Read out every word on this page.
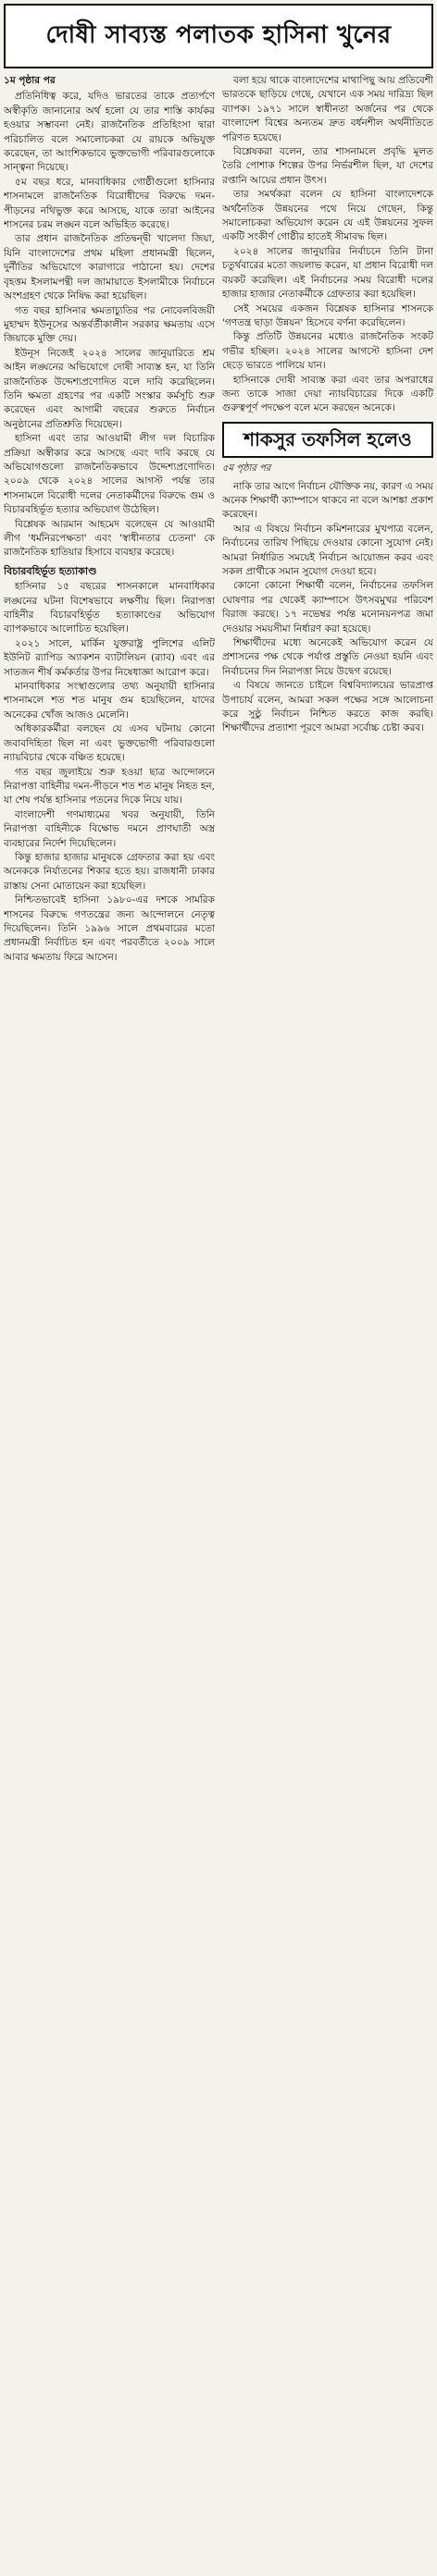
দোষী সাব্যস্ত পলাতক হাসিনা খুনের
১ম পৃষ্ঠার পর

প্রতিনিধিত্ব করে, যদিও ভারতের তাকে প্রত্যর্পণে অস্বীকৃতি জানানোর অর্থ হলো যে তার শাস্তি কার্যকর হওয়ার সম্ভাবনা নেই। রাজনৈতিক প্রতিহিংসা দ্বারা পরিচালিত বলে সমালোচকরা যে রায়কে অভিযুক্ত করেছেন, তা আংশিকভাবে ভুক্তভোগী পরিবারগুলোকে সান্ত্বনা দিয়েছে।

৫ম বছর ধরে, মানবাধিকার গোষ্ঠীগুলো হাসিনার শাসনামলে রাজনৈতিক বিরোধীদের বিরুদ্ধে দমন-পীড়নের নথিভুক্ত করে আসছে, যাকে তারা আইনের শাসনের চরম লঙ্ঘন বলে অভিহিত করেছে।

তার প্রধান রাজনৈতিক প্রতিদ্বন্দ্বী খালেদা জিয়া, যিনি বাংলাদেশের প্রথম মহিলা প্রধানমন্ত্রী ছিলেন, দুর্নীতির অভিযোগে কারাগারে পাঠানো হয়। দেশের বৃহত্তম ইসলামপন্থী দল জামায়াতে ইসলামীকে নির্বাচনে অংশগ্রহণ থেকে নিষিদ্ধ করা হয়েছিল।

গত বছর হাসিনার ক্ষমতাচ্যুতির পর নোবেলবিজয়ী মুহাম্মদ ইউনূসের অন্তর্বর্তীকালীন সরকার ক্ষমতায় এসে জিয়াকে মুক্তি দেয়।

ইউনূস নিজেই ২০২৪ সালের জানুয়ারিতে শ্রম আইন লঙ্ঘনের অভিযোগে দোষী সাব্যস্ত হন, যা তিনি রাজনৈতিক উদ্দেশ্যপ্রণোদিত বলে দাবি করেছিলেন। তিনি ক্ষমতা গ্রহণের পর একটি সংস্কার কর্মসূচি শুরু করেছেন এবং আগামী বছরের শুরুতে নির্বাচন অনুষ্ঠানের প্রতিশ্রুতি দিয়েছেন।

হাসিনা এবং তার আওয়ামী লীগ দল বিচারিক প্রক্রিয়া অস্বীকার করে আসছে এবং দাবি করছে যে অভিযোগগুলো রাজনৈতিকভাবে উদ্দেশ্যপ্রণোদিত। ২০০৯ থেকে ২০২৪ সালের আগস্ট পর্যন্ত তার শাসনামলে বিরোধী দলের নেতাকর্মীদের বিরুদ্ধে গুম ও বিচারবহির্ভূত হত্যার অভিযোগ উঠেছিল।

বিশ্লেষক আরমান আহমেদ বলেছেন যে আওয়ামী লীগ 'ধর্মনিরপেক্ষতা' এবং 'স্বাধীনতার চেতনা' কে রাজনৈতিক হাতিয়ার হিসাবে ব্যবহার করেছে।

বিচারবহির্ভূত হত্যাকাণ্ড

হাসিনার ১৫ বছরের শাসনকালে মানবাধিকার লঙ্ঘনের ঘটনা বিশেষভাবে লক্ষণীয় ছিল। নিরাপত্তা বাহিনীর বিচারবহির্ভূত হত্যাকাণ্ডের অভিযোগ ব্যাপকভাবে আলোচিত হয়েছিল।

২০২১ সালে, মার্কিন যুক্তরাষ্ট্র পুলিশের এলিট ইউনিট র‌্যাপিড অ্যাকশন ব্যাটালিয়ন (র‌্যাব) এবং এর সাতজন শীর্ষ কর্মকর্তার উপর নিষেধাজ্ঞা আরোপ করে।

মানবাধিকার সংস্থাগুলোর তথ্য অনুযায়ী হাসিনার শাসনামলে শত শত মানুষ গুম হয়েছিলেন, যাদের অনেকের খোঁজ আজও মেলেনি।

অধিকারকর্মীরা বলছেন যে এসব ঘটনায় কোনো জবাবদিহিতা ছিল না এবং ভুক্তভোগী পরিবারগুলো ন্যায়বিচার থেকে বঞ্চিত হয়েছে।

গত বছর জুলাইয়ে শুরু হওয়া ছাত্র আন্দোলনে নিরাপত্তা বাহিনীর দমন-পীড়নে শত শত মানুষ নিহত হন, যা শেষ পর্যন্ত হাসিনার পতনের দিকে নিয়ে যায়।

বাংলাদেশী গণমাধ্যমের খবর অনুযায়ী, তিনি নিরাপত্তা বাহিনীকে বিক্ষোভ দমনে প্রাণঘাতী অস্ত্র ব্যবহারের নির্দেশ দিয়েছিলেন।

কিন্তু হাজার হাজার মানুষকে গ্রেফতার করা হয় এবং অনেককে নির্যাতনের শিকার হতে হয়। রাজধানী ঢাকার রাস্তায় সেনা মোতায়েন করা হয়েছিল।

নিশ্চিতভাবেই হাসিনা ১৯৮০-এর দশকে সামরিক শাসনের বিরুদ্ধে গণতন্ত্রের জন্য আন্দোলনে নেতৃত্ব দিয়েছিলেন। তিনি ১৯৯৬ সালে প্রথমবারের মতো প্রধানমন্ত্রী নির্বাচিত হন এবং পরবর্তীতে ২০০৯ সালে আবার ক্ষমতায় ফিরে আসেন।

বলা হয়ে থাকে বাংলাদেশের মাথাপিছু আয় প্রতিবেশী ভারতকে ছাড়িয়ে গেছে, যেখানে এক সময় দারিদ্র্য ছিল ব্যাপক। ১৯৭১ সালে স্বাধীনতা অর্জনের পর থেকে বাংলাদেশ বিশ্বের অন্যতম দ্রুত বর্ধনশীল অর্থনীতিতে পরিণত হয়েছে।

বিশ্লেষকরা বলেন, তার শাসনামলে প্রবৃদ্ধি মূলত তৈরি পোশাক শিল্পের উপর নির্ভরশীল ছিল, যা দেশের রপ্তানি আয়ের প্রধান উৎস।

তার সমর্থকরা বলেন যে হাসিনা বাংলাদেশকে অর্থনৈতিক উন্নয়নের পথে নিয়ে গেছেন, কিন্তু সমালোচকরা অভিযোগ করেন যে এই উন্নয়নের সুফল একটি সংকীর্ণ গোষ্ঠীর হাতেই সীমাবদ্ধ ছিল।

২০২৪ সালের জানুয়ারির নির্বাচনে তিনি টানা চতুর্থবারের মতো জয়লাভ করেন, যা প্রধান বিরোধী দল বয়কট করেছিল। এই নির্বাচনের সময় বিরোধী দলের হাজার হাজার নেতাকর্মীকে গ্রেফতার করা হয়েছিল।

সেই সময়ের একজন বিশ্লেষক হাসিনার শাসনকে 'গণতন্ত্র ছাড়া উন্নয়ন' হিসেবে বর্ণনা করেছিলেন।

কিন্তু প্রতিটি উন্নয়নের মধ্যেও রাজনৈতিক সংকট গভীর হচ্ছিল। ২০২৪ সালের আগস্টে হাসিনা দেশ ছেড়ে ভারতে পালিয়ে যান।

হাসিনাকে দোষী সাব্যস্ত করা এবং তার অপরাধের জন্য তাকে সাজা দেয়া ন্যায়বিচারের দিকে একটি গুরুত্বপূর্ণ পদক্ষেপ বলে মনে করছেন অনেকে।

শাকসুর তফসিল হলেও
৫ম পৃষ্ঠার পর

নাকি তার আগে নির্বাচন যৌক্তিক নয়, কারণ এ সময় অনেক শিক্ষার্থী ক্যাম্পাসে থাকবে না বলে আশঙ্কা প্রকাশ করেছেন।

আর এ বিষয়ে নির্বাচন কমিশনারের মুখপাত্র বলেন, নির্বাচনের তারিখ পিছিয়ে দেওয়ার কোনো সুযোগ নেই। আমরা নির্ধারিত সময়েই নির্বাচন আয়োজন করব এবং সকল প্রার্থীকে সমান সুযোগ দেওয়া হবে।

কোনো কোনো শিক্ষার্থী বলেন, নির্বাচনের তফসিল ঘোষণার পর থেকেই ক্যাম্পাসে উৎসবমুখর পরিবেশ বিরাজ করছে। ১৭ নভেম্বর পর্যন্ত মনোনয়নপত্র জমা দেওয়ার সময়সীমা নির্ধারণ করা হয়েছে।

শিক্ষার্থীদের মধ্যে অনেকেই অভিযোগ করেন যে প্রশাসনের পক্ষ থেকে পর্যাপ্ত প্রস্তুতি নেওয়া হয়নি এবং নির্বাচনের দিন নিরাপত্তা নিয়ে উদ্বেগ রয়েছে।

এ বিষয়ে জানতে চাইলে বিশ্ববিদ্যালয়ের ভারপ্রাপ্ত উপাচার্য বলেন, আমরা সকল পক্ষের সঙ্গে আলোচনা করে সুষ্ঠু নির্বাচন নিশ্চিত করতে কাজ করছি। শিক্ষার্থীদের প্রত্যাশা পূরণে আমরা সর্বোচ্চ চেষ্টা করব।
